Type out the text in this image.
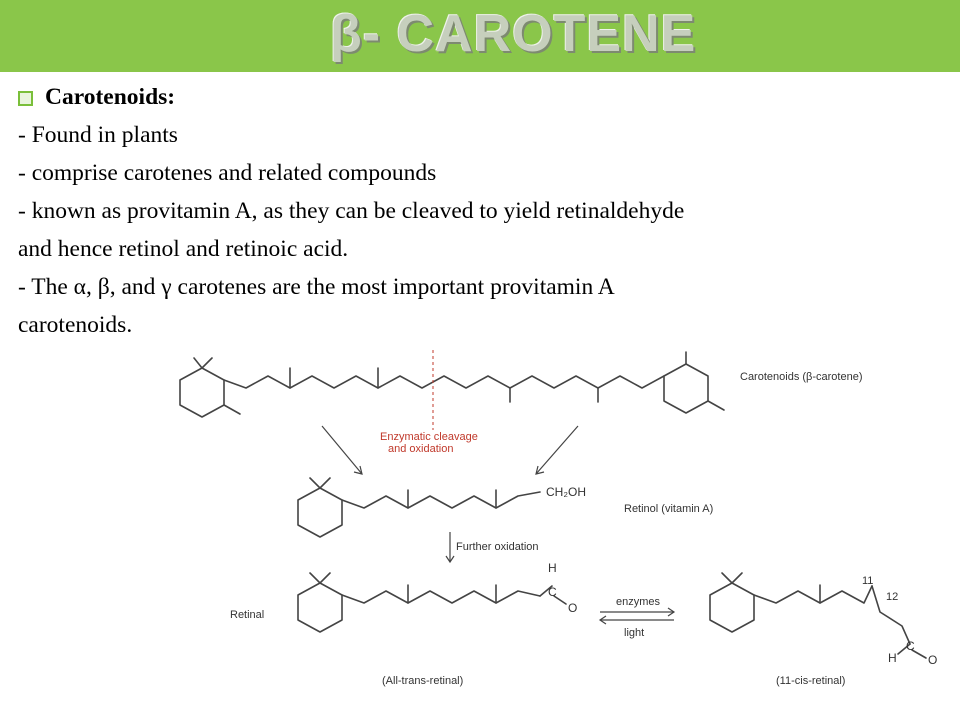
β- CAROTENE
Carotenoids:
- Found in plants
- comprise carotenes and related compounds
- known as provitamin A, as they can be cleaved to yield retinaldehyde
and hence retinol and retinoic acid.
- The α, β, and γ carotenes are the most important provitamin A
carotenoids.
Carotenoids (β-carotene)
Enzymatic cleavage
and oxidation
CH₂OH
Retinol (vitamin A)
Further oxidation
Retinal
H
C
O
(All-trans-retinal)
enzymes
light
11
12
H
C
O
(11-cis-retinal)
